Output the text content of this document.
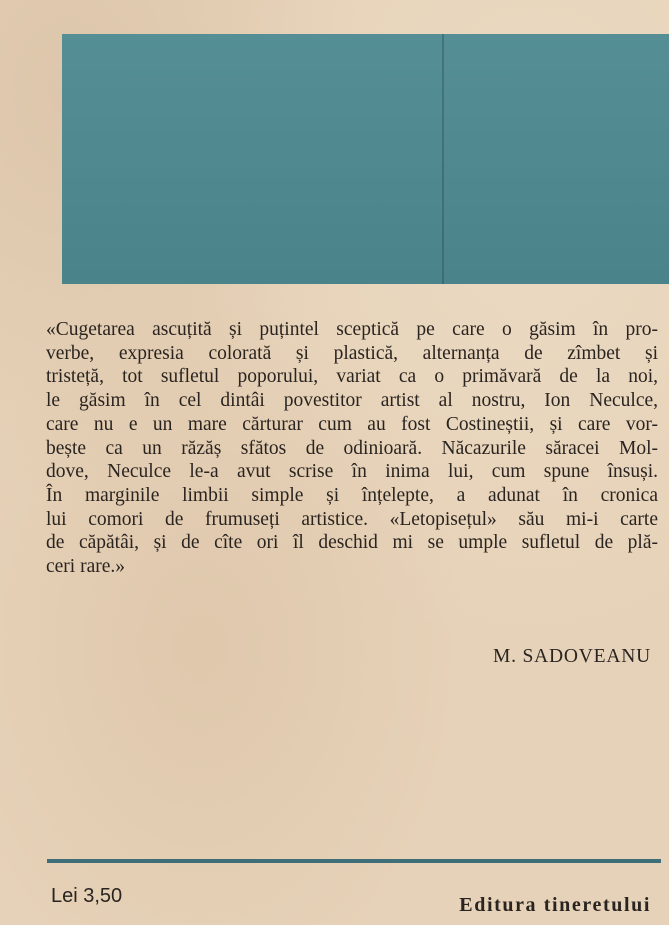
«Cugetarea ascuțită și puțintel sceptică pe care o găsim în pro-
verbe, expresia colorată și plastică, alternanța de zîmbet și
tristeță, tot sufletul poporului, variat ca o primăvară de la noi,
le găsim în cel dintâi povestitor artist al nostru, Ion Neculce,
care nu e un mare cărturar cum au fost Costineștii, și care vor-
bește ca un răzăș sfătos de odinioară. Năcazurile săracei Mol-
dove, Neculce le-a avut scrise în inima lui, cum spune însuși.
În marginile limbii simple și înțelepte, a adunat în cronica
lui comori de frumuseți artistice. «Letopisețul» său mi-i carte
de căpătâi, și de cîte ori îl deschid mi se umple sufletul de plă-
ceri rare.»

M. SADOVEANU
Lei 3,50	Editura tineretului
